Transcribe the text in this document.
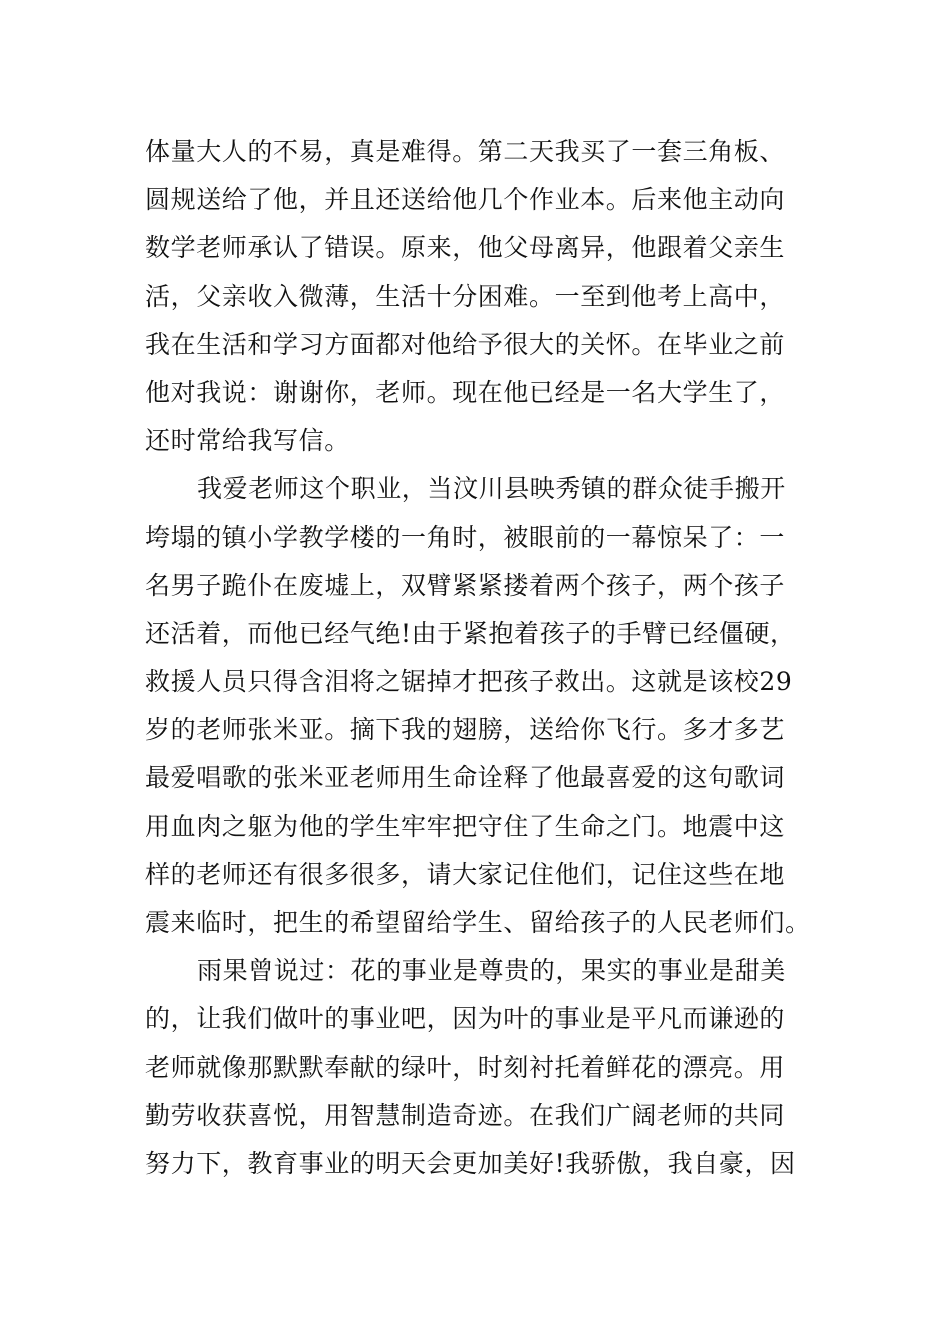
体量大人的不易，真是难得。第二天我买了一套三角板、
圆规送给了他，并且还送给他几个作业本。后来他主动向
数学老师承认了错误。原来，他父母离异，他跟着父亲生
活，父亲收入微薄，生活十分困难。一至到他考上高中，
我在生活和学习方面都对他给予很大的关怀。在毕业之前
他对我说：谢谢你，老师。现在他已经是一名大学生了，
还时常给我写信。
我爱老师这个职业，当汶川县映秀镇的群众徒手搬开
垮塌的镇小学教学楼的一角时，被眼前的一幕惊呆了：一
名男子跪仆在废墟上，双臂紧紧搂着两个孩子，两个孩子
还活着，而他已经气绝!由于紧抱着孩子的手臂已经僵硬，
救援人员只得含泪将之锯掉才把孩子救出。这就是该校29
岁的老师张米亚。摘下我的翅膀，送给你飞行。多才多艺
最爱唱歌的张米亚老师用生命诠释了他最喜爱的这句歌词
用血肉之躯为他的学生牢牢把守住了生命之门。地震中这
样的老师还有很多很多，请大家记住他们，记住这些在地
震来临时，把生的希望留给学生、留给孩子的人民老师们。
雨果曾说过：花的事业是尊贵的，果实的事业是甜美
的，让我们做叶的事业吧，因为叶的事业是平凡而谦逊的
老师就像那默默奉献的绿叶，时刻衬托着鲜花的漂亮。用
勤劳收获喜悦，用智慧制造奇迹。在我们广阔老师的共同
努力下，教育事业的明天会更加美好!我骄傲，我自豪，因
